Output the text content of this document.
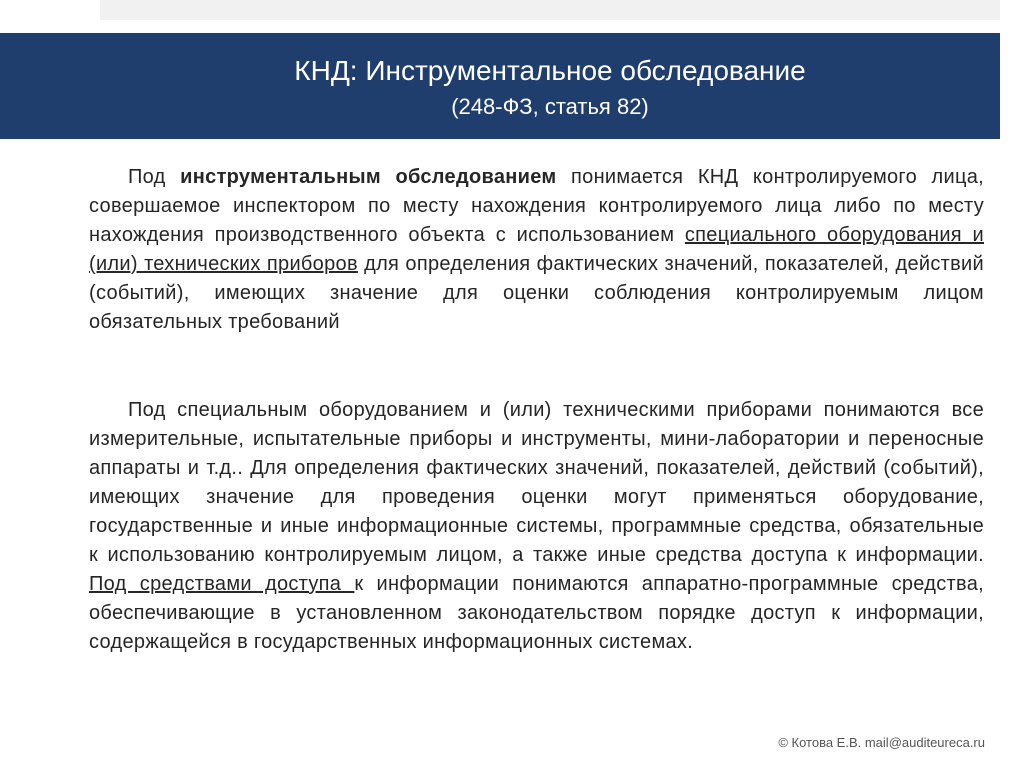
КНД: Инструментальное обследование
(248-ФЗ, статья 82)
Под инструментальным обследованием понимается КНД контролируемого лица, совершаемое инспектором по месту нахождения контролируемого лица либо по месту нахождения производственного объекта с использованием специального оборудования и (или) технических приборов для определения фактических значений, показателей, действий (событий), имеющих значение для оценки соблюдения контролируемым лицом обязательных требований
Под специальным оборудованием и (или) техническими приборами понимаются все измерительные, испытательные приборы и инструменты, мини-лаборатории и переносные аппараты и т.д.. Для определения фактических значений, показателей, действий (событий), имеющих значение для проведения оценки могут применяться оборудование, государственные и иные информационные системы, программные средства, обязательные к использованию контролируемым лицом, а также иные средства доступа к информации. Под средствами доступа к информации понимаются аппаратно-программные средства, обеспечивающие в установленном законодательством порядке доступ к информации, содержащейся в государственных информационных системах.
© Котова Е.В. mail@auditeureca.ru
